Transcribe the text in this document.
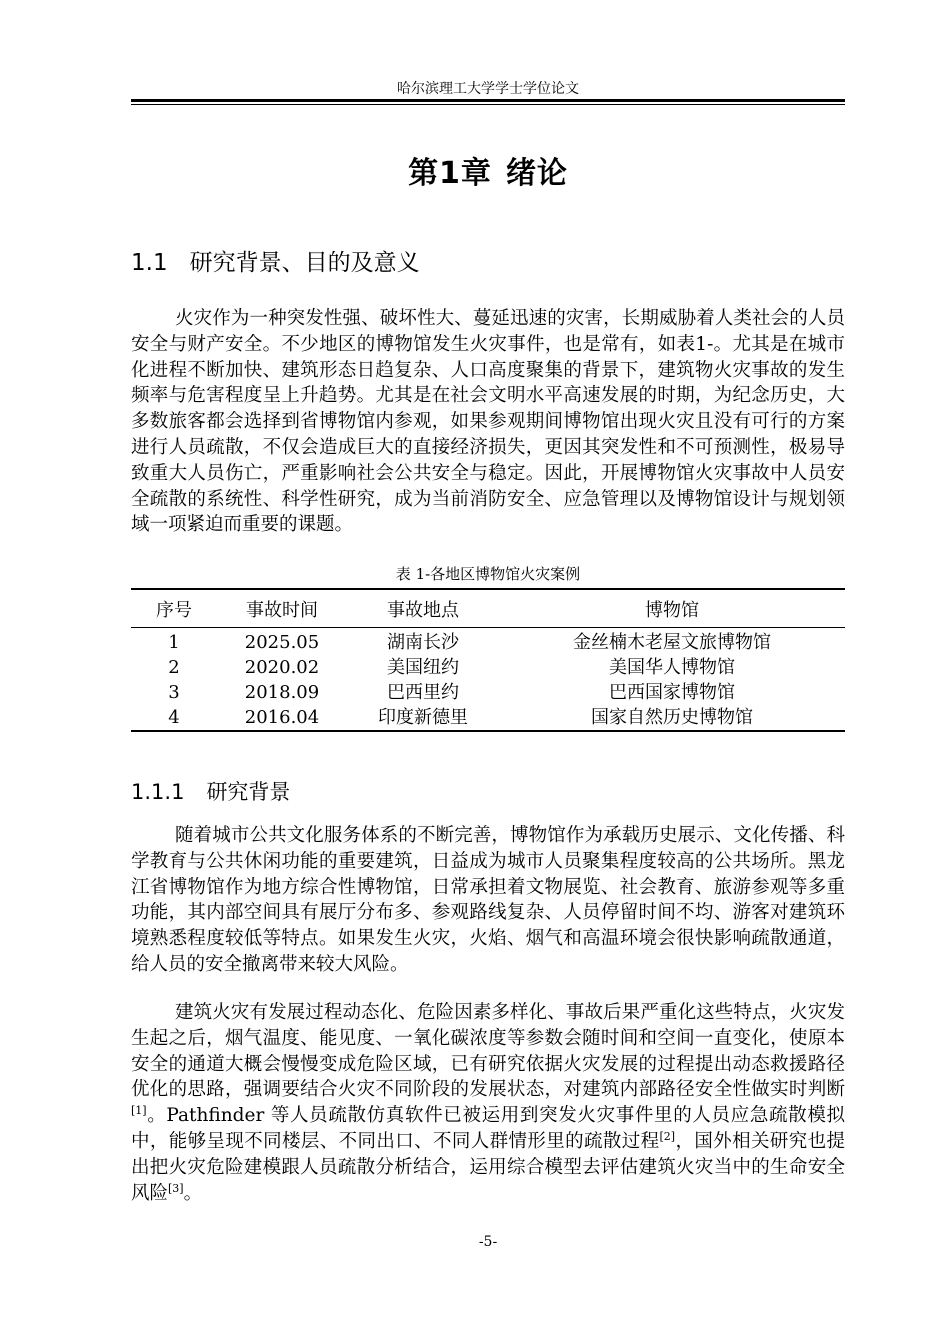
哈尔滨理工大学学士学位论文
第1章 绪论
1.1 研究背景、目的及意义

火灾作为一种突发性强、破坏性大、蔓延迅速的灾害，长期威胁着人类社会的人员安全与财产安全。不少地区的博物馆发生火灾事件，也是常有，如表1-。尤其是在城市化进程不断加快、建筑形态日趋复杂、人口高度聚集的背景下，建筑物火灾事故的发生频率与危害程度呈上升趋势。尤其是在社会文明水平高速发展的时期，为纪念历史，大多数旅客都会选择到省博物馆内参观，如果参观期间博物馆出现火灾且没有可行的方案进行人员疏散，不仅会造成巨大的直接经济损失，更因其突发性和不可预测性，极易导致重大人员伤亡，严重影响社会公共安全与稳定。因此，开展博物馆火灾事故中人员安全疏散的系统性、科学性研究，成为当前消防安全、应急管理以及博物馆设计与规划领域一项紧迫而重要的课题。

表 1-各地区博物馆火灾案例
序号	事故时间	事故地点	博物馆
1	2025.05	湖南长沙	金丝楠木老屋文旅博物馆
2	2020.02	美国纽约	美国华人博物馆
3	2018.09	巴西里约	巴西国家博物馆
4	2016.04	印度新德里	国家自然历史博物馆
1.1.1 研究背景

随着城市公共文化服务体系的不断完善，博物馆作为承载历史展示、文化传播、科学教育与公共休闲功能的重要建筑，日益成为城市人员聚集程度较高的公共场所。黑龙江省博物馆作为地方综合性博物馆，日常承担着文物展览、社会教育、旅游参观等多重功能，其内部空间具有展厅分布多、参观路线复杂、人员停留时间不均、游客对建筑环境熟悉程度较低等特点。如果发生火灾，火焰、烟气和高温环境会很快影响疏散通道，给人员的安全撤离带来较大风险。

建筑火灾有发展过程动态化、危险因素多样化、事故后果严重化这些特点，火灾发生起之后，烟气温度、能见度、一氧化碳浓度等参数会随时间和空间一直变化，使原本安全的通道大概会慢慢变成危险区域，已有研究依据火灾发展的过程提出动态救援路径优化的思路，强调要结合火灾不同阶段的发展状态，对建筑内部路径安全性做实时判断[1]。Pathfinder 等人员疏散仿真软件已被运用到突发火灾事件里的人员应急疏散模拟中，能够呈现不同楼层、不同出口、不同人群情形里的疏散过程[2]，国外相关研究也提出把火灾危险建模跟人员疏散分析结合，运用综合模型去评估建筑火灾当中的生命安全风险[3]。

-5-
